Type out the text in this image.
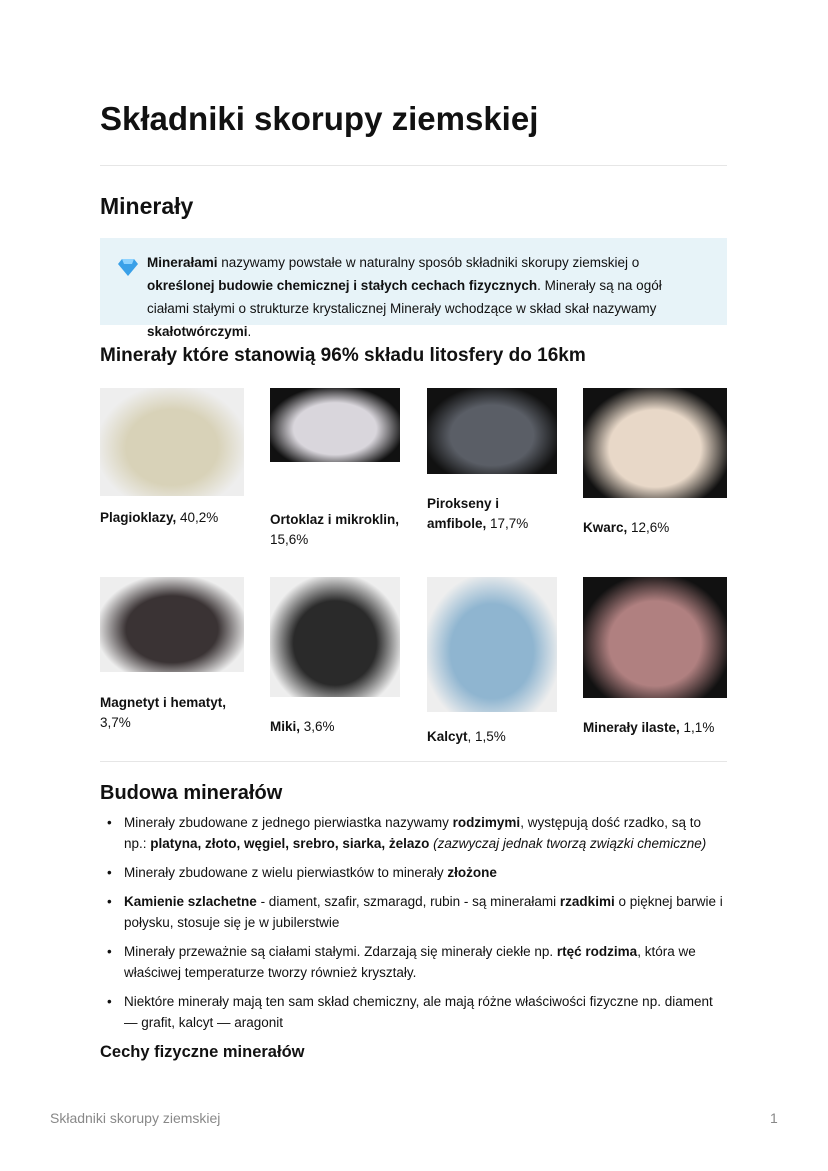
Składniki skorupy ziemskiej
Minerały
Minerałami nazywamy powstałe w naturalny sposób składniki skorupy ziemskiej o określonej budowie chemicznej i stałych cechach fizycznych. Minerały są na ogół ciałami stałymi o strukturze krystalicznej Minerały wchodzące w skład skał nazywamy skałotwórczymi.
Minerały które stanowią 96% składu litosfery do 16km
Plagioklazy, 40,2%	Ortoklaz i mikroklin, 15,6%
Pirokseny i amfibole, 17,7%	Kwarc, 12,6%
Magnetyt i hematyt, 3,7%	Miki, 3,6%
Kalcyt, 1,5%
Minerały ilaste, 1,1%
Budowa minerałów
• Minerały zbudowane z jednego pierwiastka nazywamy rodzimymi, występują dość rzadko, są to np.: platyna, złoto, węgiel, srebro, siarka, żelazo (zazwyczaj jednak tworzą związki chemiczne)
• Minerały zbudowane z wielu pierwiastków to minerały złożone
• Kamienie szlachetne - diament, szafir, szmaragd, rubin - są minerałami rzadkimi o pięknej barwie i połysku, stosuje się je w jubilerstwie
• Minerały przeważnie są ciałami stałymi. Zdarzają się minerały ciekłe np. rtęć rodzima, która we właściwej temperaturze tworzy również kryształy.
• Niektóre minerały mają ten sam skład chemiczny, ale mają różne właściwości fizyczne np. diament — grafit, kalcyt — aragonit
Cechy fizyczne minerałów
Składniki skorupy ziemskiej	1
